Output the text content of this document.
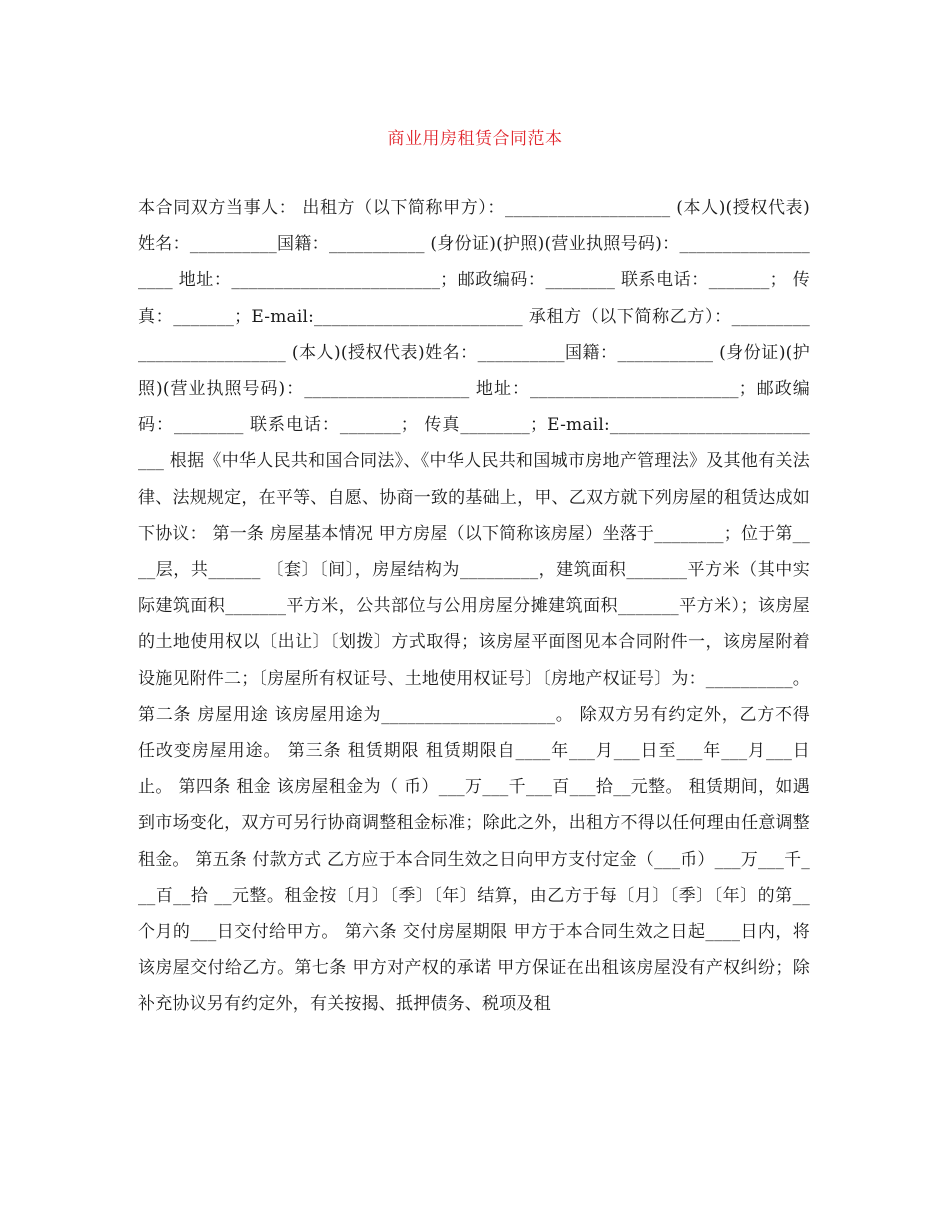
商业用房租赁合同范本
本合同双方当事人： 出租方（以下简称甲方）：___________________ (本人)(授权代表)姓名：__________国籍：___________ (身份证)(护照)(营业执照号码)：___________________ 地址：________________________；邮政编码：________ 联系电话：_______； 传真：_______；E-mail:________________________ 承租方（以下简称乙方）：__________________________ (本人)(授权代表)姓名：__________国籍：___________ (身份证)(护照)(营业执照号码)：___________________ 地址：________________________；邮政编码：________ 联系电话：_______； 传真________；E-mail:__________________________ 根据《中华人民共和国合同法》、《中华人民共和国城市房地产管理法》及其他有关法律、法规规定，在平等、自愿、协商一致的基础上，甲、乙双方就下列房屋的租赁达成如下协议： 第一条 房屋基本情况 甲方房屋（以下简称该房屋）坐落于________；位于第____层，共______ 〔套〕〔间〕，房屋结构为_________，建筑面积_______平方米（其中实际建筑面积_______平方米，公共部位与公用房屋分摊建筑面积_______平方米）；该房屋的土地使用权以〔出让〕〔划拨〕方式取得；该房屋平面图见本合同附件一，该房屋附着设施见附件二；〔房屋所有权证号、土地使用权证号〕〔房地产权证号〕为：__________。 第二条 房屋用途 该房屋用途为____________________。 除双方另有约定外，乙方不得任改变房屋用途。 第三条 租赁期限 租赁期限自____年___月___日至___年___月___日止。 第四条 租金 该房屋租金为（ 币）___万___千___百___拾__元整。 租赁期间，如遇到市场变化，双方可另行协商调整租金标准；除此之外，出租方不得以任何理由任意调整租金。 第五条 付款方式 乙方应于本合同生效之日向甲方支付定金（___币）___万___千___百__拾 __元整。租金按〔月〕〔季〕〔年〕结算，由乙方于每〔月〕〔季〕〔年〕的第__个月的___日交付给甲方。 第六条 交付房屋期限 甲方于本合同生效之日起____日内，将该房屋交付给乙方。第七条 甲方对产权的承诺 甲方保证在出租该房屋没有产权纠纷；除补充协议另有约定外，有关按揭、抵押债务、税项及租
